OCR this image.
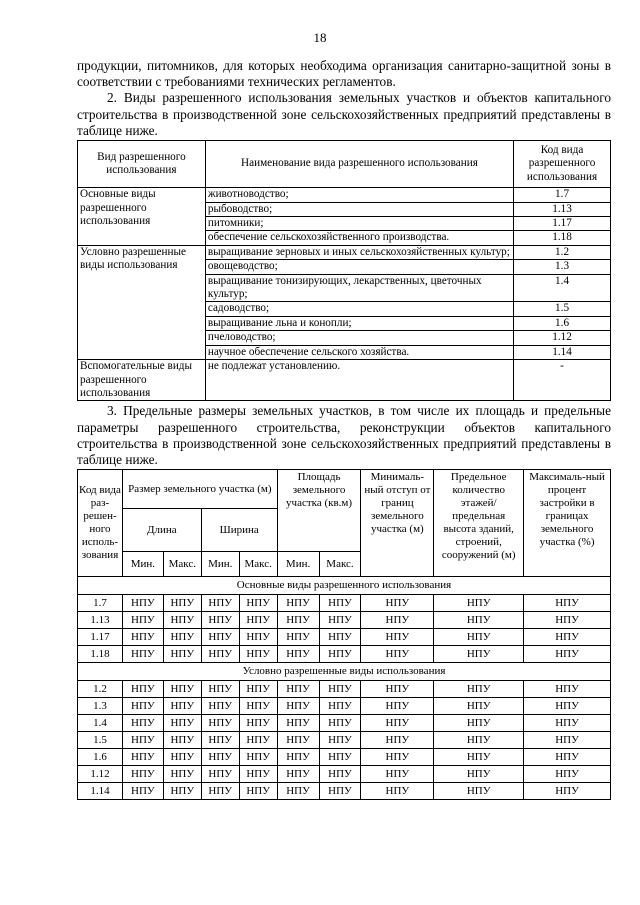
18

продукции, питомников, для которых необходима организация санитарно-защитной зоны в соответствии с требованиями технических регламентов.

2. Виды разрешенного использования земельных участков и объектов капитального строительства в производственной зоне сельскохозяйственных предприятий представлены в таблице ниже.

Вид разрешенного использования	Наименование вида разрешенного использования	Код вида разрешенного использования
Основные виды разрешенного использования	животноводство;	1.7
	рыбоводство;	1.13
	питомники;	1.17
	обеспечение сельскохозяйственного производства.	1.18
Условно разрешенные виды использования	выращивание зерновых и иных сельскохозяйственных культур;	1.2
	овощеводство;	1.3
	выращивание тонизирующих, лекарственных, цветочных культур;	1.4
	садоводство;	1.5
	выращивание льна и конопли;	1.6
	пчеловодство;	1.12
	научное обеспечение сельского хозяйства.	1.14
Вспомогательные виды разрешенного использования	не подлежат установлению.	-

3. Предельные размеры земельных участков, в том числе их площадь и предельные параметры разрешенного строительства, реконструкции объектов капитального строительства в производственной зоне сельскохозяйственных предприятий представлены в таблице ниже.

Код вида раз-решен-ного исполь-зования	Размер земельного участка (м)				Площадь земельного участка (кв.м)		Минималь-ный отступ от границ земельного участка (м)	Предельное количество этажей/ предельная высота зданий, строений, сооружений (м)	Максималь-ный процент застройки в границах земельного участка (%)
	Длина		Ширина						
	Мин.	Макс.	Мин.	Макс.	Мин.	Макс.			
Основные виды разрешенного использования									
1.7	НПУ	НПУ	НПУ	НПУ	НПУ	НПУ	НПУ	НПУ	НПУ
1.13	НПУ	НПУ	НПУ	НПУ	НПУ	НПУ	НПУ	НПУ	НПУ
1.17	НПУ	НПУ	НПУ	НПУ	НПУ	НПУ	НПУ	НПУ	НПУ
1.18	НПУ	НПУ	НПУ	НПУ	НПУ	НПУ	НПУ	НПУ	НПУ
Условно разрешенные виды использования									
1.2	НПУ	НПУ	НПУ	НПУ	НПУ	НПУ	НПУ	НПУ	НПУ
1.3	НПУ	НПУ	НПУ	НПУ	НПУ	НПУ	НПУ	НПУ	НПУ
1.4	НПУ	НПУ	НПУ	НПУ	НПУ	НПУ	НПУ	НПУ	НПУ
1.5	НПУ	НПУ	НПУ	НПУ	НПУ	НПУ	НПУ	НПУ	НПУ
1.6	НПУ	НПУ	НПУ	НПУ	НПУ	НПУ	НПУ	НПУ	НПУ
1.12	НПУ	НПУ	НПУ	НПУ	НПУ	НПУ	НПУ	НПУ	НПУ
1.14	НПУ	НПУ	НПУ	НПУ	НПУ	НПУ	НПУ	НПУ	НПУ
